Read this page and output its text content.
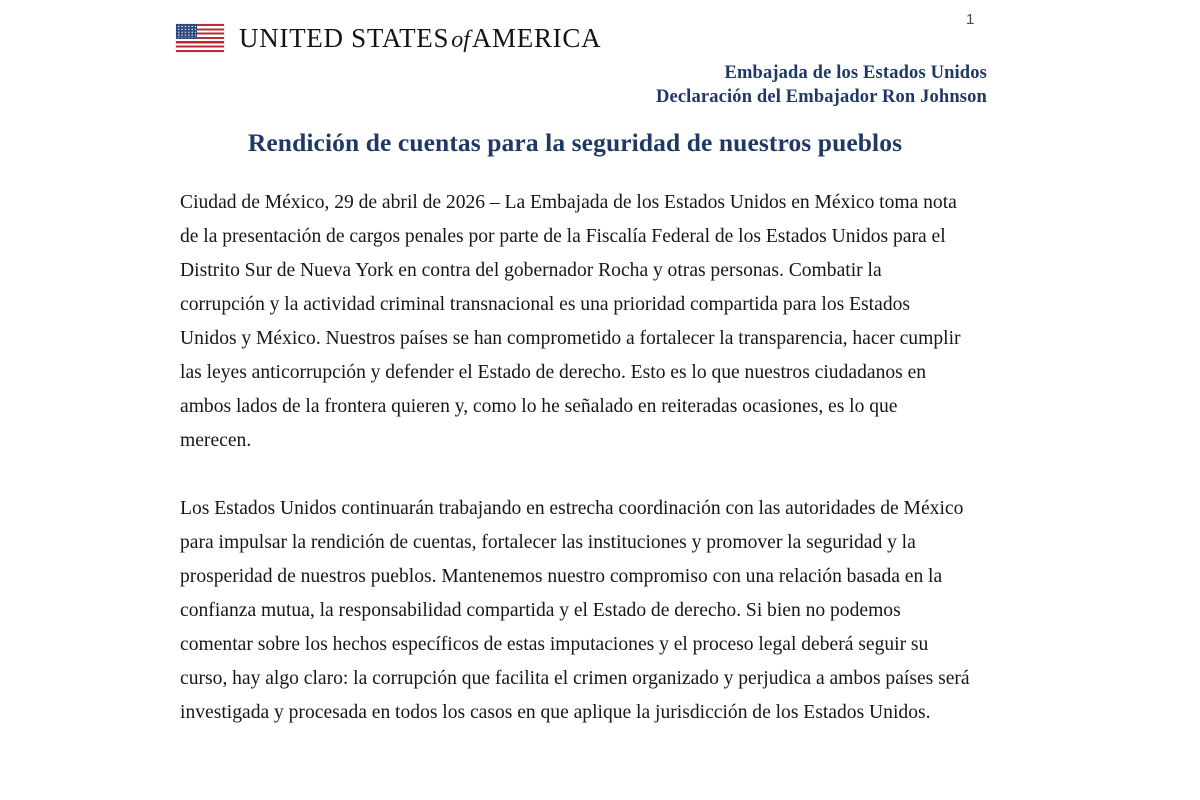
1
UNITED STATESofAMERICA
Embajada de los Estados Unidos
Declaración del Embajador Ron Johnson
Rendición de cuentas para la seguridad de nuestros pueblos

Ciudad de México, 29 de abril de 2026 – La Embajada de los Estados Unidos en México toma nota de la presentación de cargos penales por parte de la Fiscalía Federal de los Estados Unidos para el Distrito Sur de Nueva York en contra del gobernador Rocha y otras personas. Combatir la corrupción y la actividad criminal transnacional es una prioridad compartida para los Estados Unidos y México. Nuestros países se han comprometido a fortalecer la transparencia, hacer cumplir las leyes anticorrupción y defender el Estado de derecho. Esto es lo que nuestros ciudadanos en ambos lados de la frontera quieren y, como lo he señalado en reiteradas ocasiones, es lo que merecen.

Los Estados Unidos continuarán trabajando en estrecha coordinación con las autoridades de México para impulsar la rendición de cuentas, fortalecer las instituciones y promover la seguridad y la prosperidad de nuestros pueblos. Mantenemos nuestro compromiso con una relación basada en la confianza mutua, la responsabilidad compartida y el Estado de derecho. Si bien no podemos comentar sobre los hechos específicos de estas imputaciones y el proceso legal deberá seguir su curso, hay algo claro: la corrupción que facilita el crimen organizado y perjudica a ambos países será investigada y procesada en todos los casos en que aplique la jurisdicción de los Estados Unidos.
